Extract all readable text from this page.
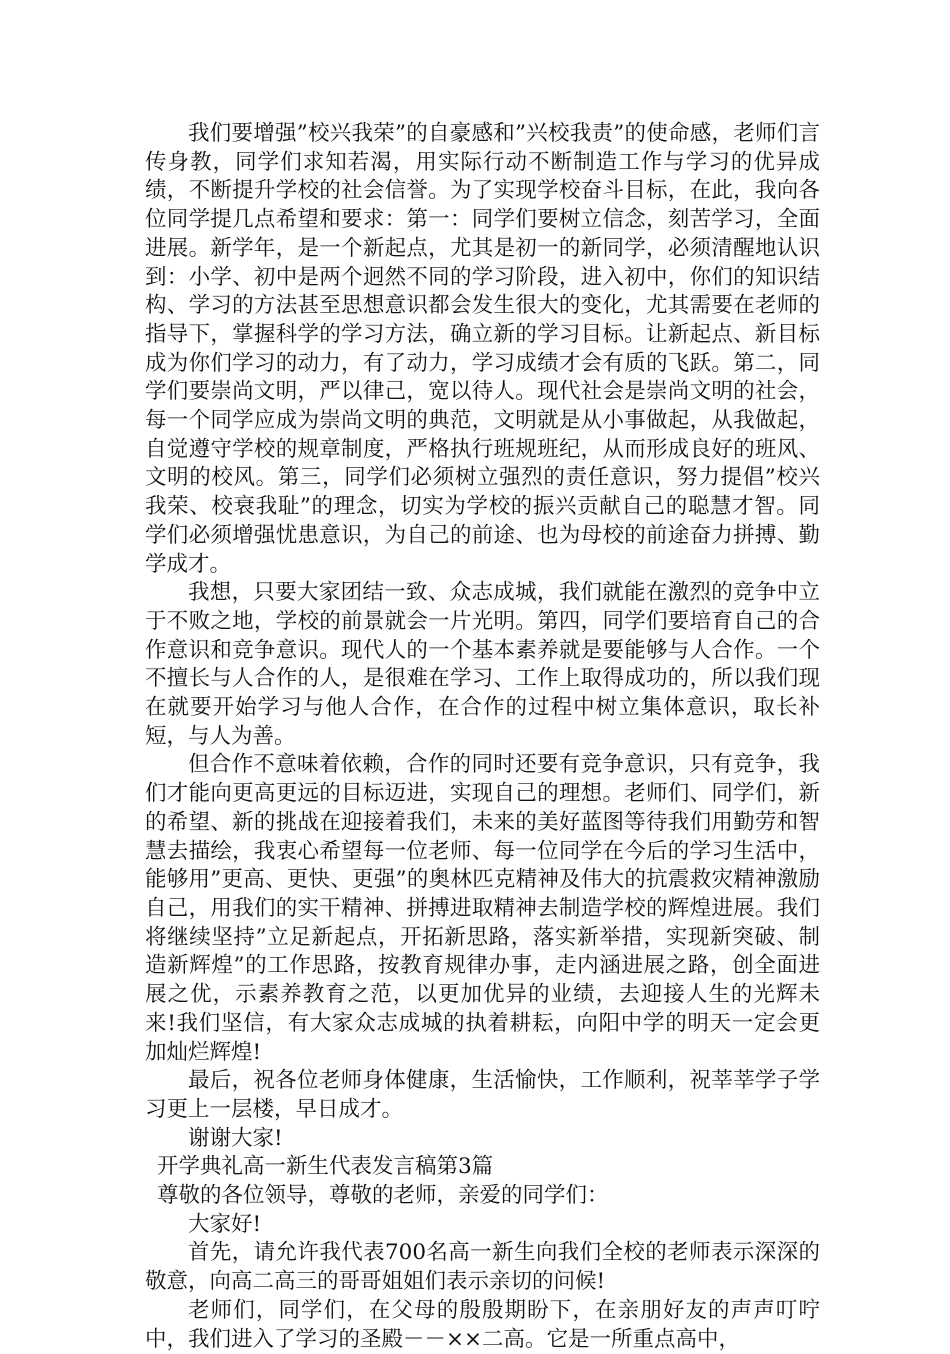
我们要增强”校兴我荣”的自豪感和”兴校我责”的使命感，老师们言传身教，同学们求知若渴，用实际行动不断制造工作与学习的优异成绩，不断提升学校的社会信誉。为了实现学校奋斗目标，在此，我向各位同学提几点希望和要求：第一：同学们要树立信念，刻苦学习，全面进展。新学年，是一个新起点，尤其是初一的新同学，必须清醒地认识到：小学、初中是两个迥然不同的学习阶段，进入初中，你们的知识结构、学习的方法甚至思想意识都会发生很大的变化，尤其需要在老师的指导下，掌握科学的学习方法，确立新的学习目标。让新起点、新目标成为你们学习的动力，有了动力，学习成绩才会有质的飞跃。第二，同学们要崇尚文明，严以律己，宽以待人。现代社会是崇尚文明的社会，每一个同学应成为崇尚文明的典范，文明就是从小事做起，从我做起，自觉遵守学校的规章制度，严格执行班规班纪，从而形成良好的班风、文明的校风。第三，同学们必须树立强烈的责任意识，努力提倡”校兴我荣、校衰我耻”的理念，切实为学校的振兴贡献自己的聪慧才智。同学们必须增强忧患意识，为自己的前途、也为母校的前途奋力拼搏、勤学成才。

我想，只要大家团结一致、众志成城，我们就能在激烈的竞争中立于不败之地，学校的前景就会一片光明。第四，同学们要培育自己的合作意识和竞争意识。现代人的一个基本素养就是要能够与人合作。一个不擅长与人合作的人，是很难在学习、工作上取得成功的，所以我们现在就要开始学习与他人合作，在合作的过程中树立集体意识，取长补短，与人为善。

但合作不意味着依赖，合作的同时还要有竞争意识，只有竞争，我们才能向更高更远的目标迈进，实现自己的理想。老师们、同学们，新的希望、新的挑战在迎接着我们，未来的美好蓝图等待我们用勤劳和智慧去描绘，我衷心希望每一位老师、每一位同学在今后的学习生活中，能够用”更高、更快、更强”的奥林匹克精神及伟大的抗震救灾精神激励自己，用我们的实干精神、拼搏进取精神去制造学校的辉煌进展。我们将继续坚持”立足新起点，开拓新思路，落实新举措，实现新突破、制造新辉煌”的工作思路，按教育规律办事，走内涵进展之路，创全面进展之优，示素养教育之范，以更加优异的业绩，去迎接人生的光辉未来!我们坚信，有大家众志成城的执着耕耘，向阳中学的明天一定会更加灿烂辉煌!

最后，祝各位老师身体健康，生活愉快，工作顺利，祝莘莘学子学习更上一层楼，早日成才。

谢谢大家!

开学典礼高一新生代表发言稿第3篇

尊敬的各位领导，尊敬的老师，亲爱的同学们：

大家好!

首先，请允许我代表700名高一新生向我们全校的老师表示深深的敬意，向高二高三的哥哥姐姐们表示亲切的问候!

老师们，同学们，在父母的殷殷期盼下，在亲朋好友的声声叮咛中，我们进入了学习的圣殿－－××二高。它是一所重点高中，
